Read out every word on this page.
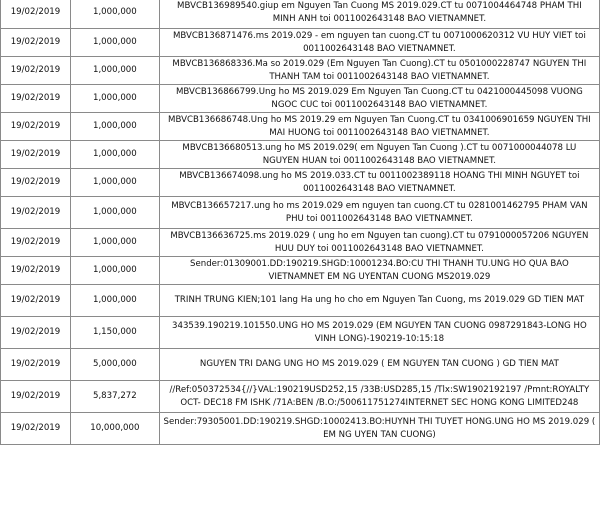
19/02/2019	1,000,000	MBVCB136989540.giup em Nguyen Tan Cuong MS 2019.029.CT tu 0071004464748 PHAM THI
MINH ANH toi 0011002643148 BAO VIETNAMNET.
19/02/2019	1,000,000	MBVCB136871476.ms 2019.029 - em nguyen tan cuong.CT tu 0071000620312 VU HUY VIET toi
0011002643148 BAO VIETNAMNET.
19/02/2019	1,000,000	MBVCB136868336.Ma so 2019.029 (Em Nguyen Tan Cuong).CT tu 0501000228747 NGUYEN THI
THANH TAM toi 0011002643148 BAO VIETNAMNET.
19/02/2019	1,000,000	MBVCB136866799.Ung ho MS 2019.029 Em Nguyen Tan Cuong.CT tu 0421000445098 VUONG
NGOC CUC toi 0011002643148 BAO VIETNAMNET.
19/02/2019	1,000,000	MBVCB136686748.Ung ho MS 2019.29 em Nguyen Tan Cuong.CT tu 0341006901659 NGUYEN THI
MAI HUONG toi 0011002643148 BAO VIETNAMNET.
19/02/2019	1,000,000	MBVCB136680513.ung ho MS 2019.029( em Nguyen Tan Cuong ).CT tu 0071000044078 LU
NGUYEN HUAN toi 0011002643148 BAO VIETNAMNET.
19/02/2019	1,000,000	MBVCB136674098.ung ho MS 2019.033.CT tu 0011002389118 HOANG THI MINH NGUYET toi
0011002643148 BAO VIETNAMNET.
19/02/2019	1,000,000	MBVCB136657217.ung ho ms 2019.029 em nguyen tan cuong.CT tu 0281001462795 PHAM VAN
PHU toi 0011002643148 BAO VIETNAMNET.
19/02/2019	1,000,000	MBVCB136636725.ms 2019.029 ( ung ho em Nguyen tan cuong).CT tu 0791000057206 NGUYEN
HUU DUY toi 0011002643148 BAO VIETNAMNET.
19/02/2019	1,000,000	Sender:01309001.DD:190219.SHGD:10001234.BO:CU THI THANH TU.UNG HO QUA BAO
VIETNAMNET EM NG UYENTAN CUONG MS2019.029
19/02/2019	1,000,000	TRINH TRUNG KIEN;101 lang Ha ung ho cho em Nguyen Tan Cuong, ms 2019.029 GD TIEN MAT
19/02/2019	1,150,000	343539.190219.101550.UNG HO MS 2019.029 (EM NGUYEN TAN CUONG 0987291843-LONG HO
VINH LONG)-190219-10:15:18
19/02/2019	5,000,000	NGUYEN TRI DANG UNG HO MS 2019.029 ( EM NGUYEN TAN CUONG ) GD TIEN MAT
19/02/2019	5,837,272	//Ref:050372534{//}VAL:190219USD252,15 /33B:USD285,15 /Tlx:SW1902192197 /Pmnt:ROYALTY
OCT- DEC18 FM ISHK /71A:BEN /B.O:/500611751274INTERNET SEC HONG KONG LIMITED248
19/02/2019	10,000,000	Sender:79305001.DD:190219.SHGD:10002413.BO:HUYNH THI TUYET HONG.UNG HO MS 2019.029 (
EM NG UYEN TAN CUONG)
